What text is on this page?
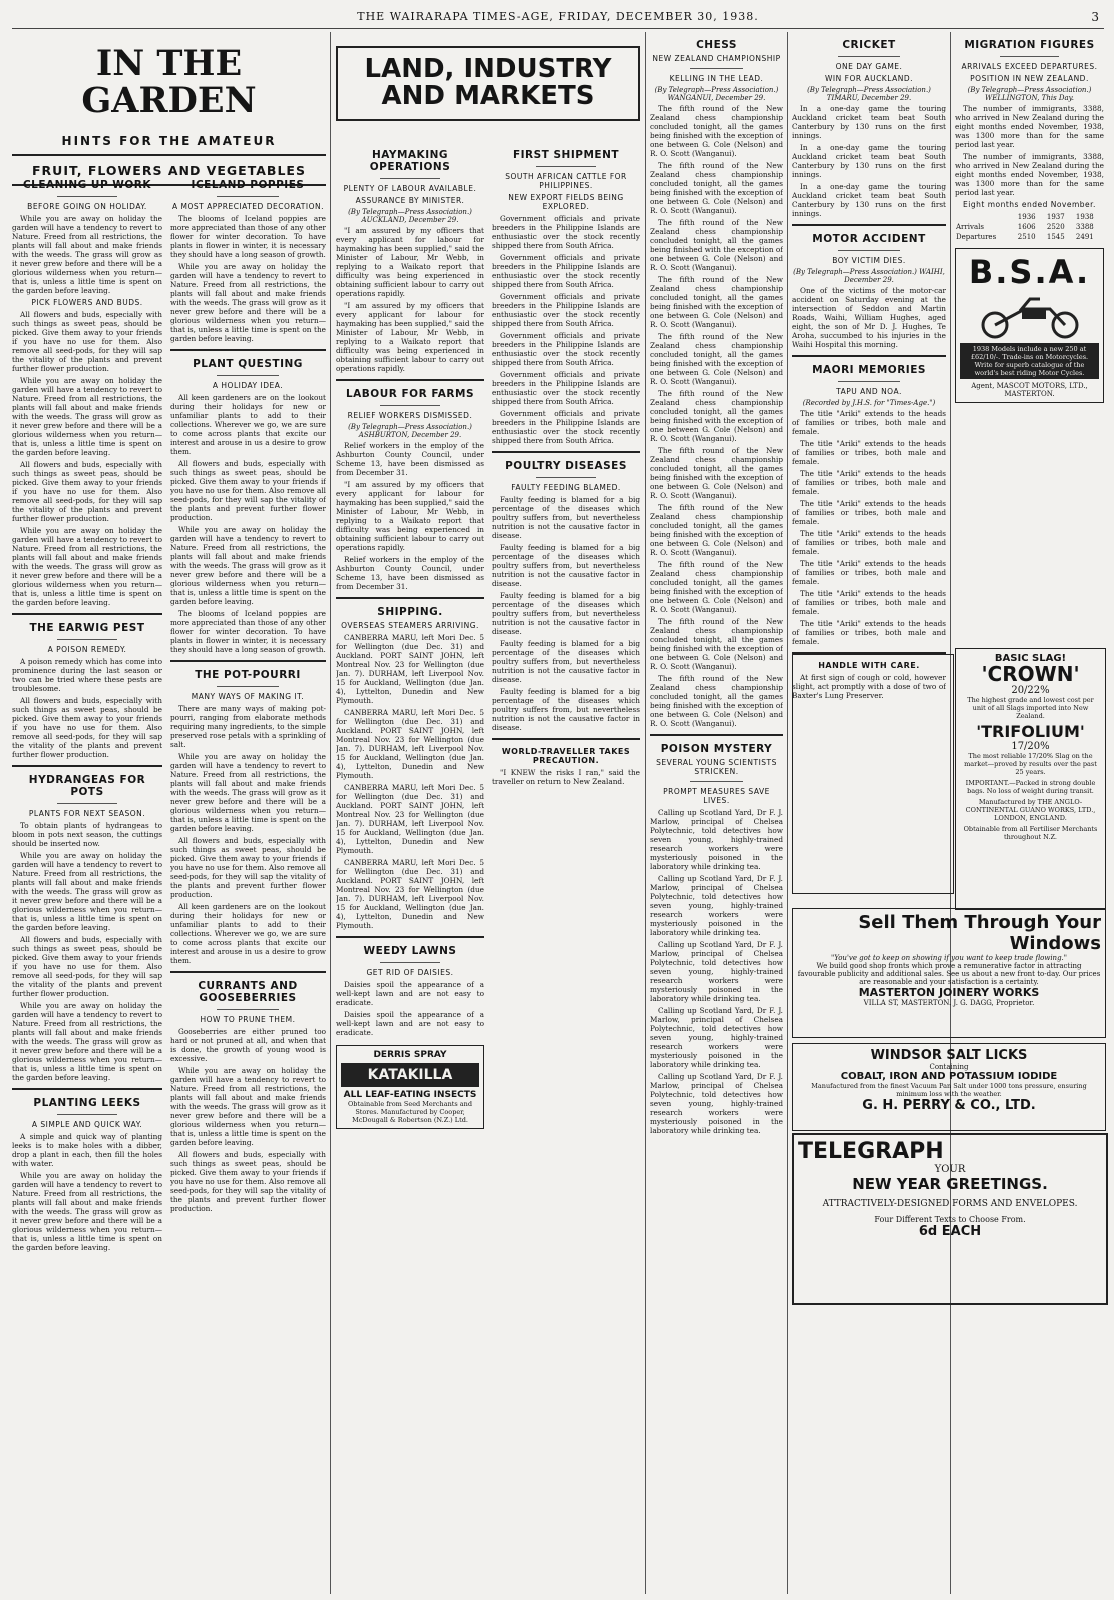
THE WAIRARAPA TIMES-AGE, FRIDAY, DECEMBER 30, 1938.	3
IN THE GARDEN
HINTS FOR THE AMATEUR
FRUIT, FLOWERS AND VEGETABLES
CLEANING UP WORK
BEFORE GOING ON HOLIDAY.

While you are away on holiday the garden will have a tendency to revert to Nature. Freed from all restrictions, the plants will fall about and make friends with the weeds. The grass will grow as it never grew before and there will be a glorious wilderness when you return—that is, unless a little time is spent on the garden before leaving.

PICK FLOWERS AND BUDS.

All flowers and buds, especially with such things as sweet peas, should be picked. Give them away to your friends if you have no use for them. Also remove all seed-pods, for they will sap the vitality of the plants and prevent further flower production.

While you are away on holiday the garden will have a tendency to revert to Nature. Freed from all restrictions, the plants will fall about and make friends with the weeds. The grass will grow as it never grew before and there will be a glorious wilderness when you return—that is, unless a little time is spent on the garden before leaving.

All flowers and buds, especially with such things as sweet peas, should be picked. Give them away to your friends if you have no use for them. Also remove all seed-pods, for they will sap the vitality of the plants and prevent further flower production.

While you are away on holiday the garden will have a tendency to revert to Nature. Freed from all restrictions, the plants will fall about and make friends with the weeds. The grass will grow as it never grew before and there will be a glorious wilderness when you return—that is, unless a little time is spent on the garden before leaving.

THE EARWIG PEST
A POISON REMEDY.

A poison remedy which has come into prominence during the last season or two can be tried where these pests are troublesome.

All flowers and buds, especially with such things as sweet peas, should be picked. Give them away to your friends if you have no use for them. Also remove all seed-pods, for they will sap the vitality of the plants and prevent further flower production.

HYDRANGEAS FOR POTS
PLANTS FOR NEXT SEASON.

To obtain plants of hydrangeas to bloom in pots next season, the cuttings should be inserted now.

While you are away on holiday the garden will have a tendency to revert to Nature. Freed from all restrictions, the plants will fall about and make friends with the weeds. The grass will grow as it never grew before and there will be a glorious wilderness when you return—that is, unless a little time is spent on the garden before leaving.

All flowers and buds, especially with such things as sweet peas, should be picked. Give them away to your friends if you have no use for them. Also remove all seed-pods, for they will sap the vitality of the plants and prevent further flower production.

While you are away on holiday the garden will have a tendency to revert to Nature. Freed from all restrictions, the plants will fall about and make friends with the weeds. The grass will grow as it never grew before and there will be a glorious wilderness when you return—that is, unless a little time is spent on the garden before leaving.

PLANTING LEEKS
A SIMPLE AND QUICK WAY.

A simple and quick way of planting leeks is to make holes with a dibber, drop a plant in each, then fill the holes with water.

While you are away on holiday the garden will have a tendency to revert to Nature. Freed from all restrictions, the plants will fall about and make friends with the weeds. The grass will grow as it never grew before and there will be a glorious wilderness when you return—that is, unless a little time is spent on the garden before leaving.

ICELAND POPPIES
A MOST APPRECIATED DECORATION.

The blooms of Iceland poppies are more appreciated than those of any other flower for winter decoration. To have plants in flower in winter, it is necessary they should have a long season of growth.

While you are away on holiday the garden will have a tendency to revert to Nature. Freed from all restrictions, the plants will fall about and make friends with the weeds. The grass will grow as it never grew before and there will be a glorious wilderness when you return—that is, unless a little time is spent on the garden before leaving.

PLANT QUESTING
A HOLIDAY IDEA.

All keen gardeners are on the lookout during their holidays for new or unfamiliar plants to add to their collections. Wherever we go, we are sure to come across plants that excite our interest and arouse in us a desire to grow them.

All flowers and buds, especially with such things as sweet peas, should be picked. Give them away to your friends if you have no use for them. Also remove all seed-pods, for they will sap the vitality of the plants and prevent further flower production.

While you are away on holiday the garden will have a tendency to revert to Nature. Freed from all restrictions, the plants will fall about and make friends with the weeds. The grass will grow as it never grew before and there will be a glorious wilderness when you return—that is, unless a little time is spent on the garden before leaving.

The blooms of Iceland poppies are more appreciated than those of any other flower for winter decoration. To have plants in flower in winter, it is necessary they should have a long season of growth.

THE POT-POURRI
MANY WAYS OF MAKING IT.

There are many ways of making pot-pourri, ranging from elaborate methods requiring many ingredients, to the simple preserved rose petals with a sprinkling of salt.

While you are away on holiday the garden will have a tendency to revert to Nature. Freed from all restrictions, the plants will fall about and make friends with the weeds. The grass will grow as it never grew before and there will be a glorious wilderness when you return—that is, unless a little time is spent on the garden before leaving.

All flowers and buds, especially with such things as sweet peas, should be picked. Give them away to your friends if you have no use for them. Also remove all seed-pods, for they will sap the vitality of the plants and prevent further flower production.

All keen gardeners are on the lookout during their holidays for new or unfamiliar plants to add to their collections. Wherever we go, we are sure to come across plants that excite our interest and arouse in us a desire to grow them.

CURRANTS AND GOOSEBERRIES
HOW TO PRUNE THEM.

Gooseberries are either pruned too hard or not pruned at all, and when that is done, the growth of young wood is excessive.

While you are away on holiday the garden will have a tendency to revert to Nature. Freed from all restrictions, the plants will fall about and make friends with the weeds. The grass will grow as it never grew before and there will be a glorious wilderness when you return—that is, unless a little time is spent on the garden before leaving.

All flowers and buds, especially with such things as sweet peas, should be picked. Give them away to your friends if you have no use for them. Also remove all seed-pods, for they will sap the vitality of the plants and prevent further flower production.

LAND, INDUSTRY AND MARKETS
HAYMAKING OPERATIONS
PLENTY OF LABOUR AVAILABLE.
ASSURANCE BY MINISTER.
(By Telegraph—Press Association.) AUCKLAND, December 29.

"I am assured by my officers that every applicant for labour for haymaking has been supplied," said the Minister of Labour, Mr Webb, in replying to a Waikato report that difficulty was being experienced in obtaining sufficient labour to carry out operations rapidly.

"I am assured by my officers that every applicant for labour for haymaking has been supplied," said the Minister of Labour, Mr Webb, in replying to a Waikato report that difficulty was being experienced in obtaining sufficient labour to carry out operations rapidly.

LABOUR FOR FARMS
RELIEF WORKERS DISMISSED.
(By Telegraph—Press Association.) ASHBURTON, December 29.

Relief workers in the employ of the Ashburton County Council, under Scheme 13, have been dismissed as from December 31.

"I am assured by my officers that every applicant for labour for haymaking has been supplied," said the Minister of Labour, Mr Webb, in replying to a Waikato report that difficulty was being experienced in obtaining sufficient labour to carry out operations rapidly.

Relief workers in the employ of the Ashburton County Council, under Scheme 13, have been dismissed as from December 31.

SHIPPING.
OVERSEAS STEAMERS ARRIVING.

CANBERRA MARU, left Mori Dec. 5 for Wellington (due Dec. 31) and Auckland. PORT SAINT JOHN, left Montreal Nov. 23 for Wellington (due Jan. 7). DURHAM, left Liverpool Nov. 15 for Auckland, Wellington (due Jan. 4), Lyttelton, Dunedin and New Plymouth.

CANBERRA MARU, left Mori Dec. 5 for Wellington (due Dec. 31) and Auckland. PORT SAINT JOHN, left Montreal Nov. 23 for Wellington (due Jan. 7). DURHAM, left Liverpool Nov. 15 for Auckland, Wellington (due Jan. 4), Lyttelton, Dunedin and New Plymouth.

CANBERRA MARU, left Mori Dec. 5 for Wellington (due Dec. 31) and Auckland. PORT SAINT JOHN, left Montreal Nov. 23 for Wellington (due Jan. 7). DURHAM, left Liverpool Nov. 15 for Auckland, Wellington (due Jan. 4), Lyttelton, Dunedin and New Plymouth.

CANBERRA MARU, left Mori Dec. 5 for Wellington (due Dec. 31) and Auckland. PORT SAINT JOHN, left Montreal Nov. 23 for Wellington (due Jan. 7). DURHAM, left Liverpool Nov. 15 for Auckland, Wellington (due Jan. 4), Lyttelton, Dunedin and New Plymouth.

WEEDY LAWNS
GET RID OF DAISIES.

Daisies spoil the appearance of a well-kept lawn and are not easy to eradicate.

Daisies spoil the appearance of a well-kept lawn and are not easy to eradicate.

DERRIS SPRAY
KATAKILLA
ALL LEAF-EATING INSECTS
Obtainable from Seed Merchants and Stores. Manufactured by Cooper, McDougall & Robertson (N.Z.) Ltd.
FIRST SHIPMENT
SOUTH AFRICAN CATTLE FOR PHILIPPINES.
NEW EXPORT FIELDS BEING EXPLORED.

Government officials and private breeders in the Philippine Islands are enthusiastic over the stock recently shipped there from South Africa.

Government officials and private breeders in the Philippine Islands are enthusiastic over the stock recently shipped there from South Africa.

Government officials and private breeders in the Philippine Islands are enthusiastic over the stock recently shipped there from South Africa.

Government officials and private breeders in the Philippine Islands are enthusiastic over the stock recently shipped there from South Africa.

Government officials and private breeders in the Philippine Islands are enthusiastic over the stock recently shipped there from South Africa.

Government officials and private breeders in the Philippine Islands are enthusiastic over the stock recently shipped there from South Africa.

POULTRY DISEASES
FAULTY FEEDING BLAMED.

Faulty feeding is blamed for a big percentage of the diseases which poultry suffers from, but nevertheless nutrition is not the causative factor in disease.

Faulty feeding is blamed for a big percentage of the diseases which poultry suffers from, but nevertheless nutrition is not the causative factor in disease.

Faulty feeding is blamed for a big percentage of the diseases which poultry suffers from, but nevertheless nutrition is not the causative factor in disease.

Faulty feeding is blamed for a big percentage of the diseases which poultry suffers from, but nevertheless nutrition is not the causative factor in disease.

Faulty feeding is blamed for a big percentage of the diseases which poultry suffers from, but nevertheless nutrition is not the causative factor in disease.

WORLD-TRAVELLER TAKES PRECAUTION.

"I KNEW the risks I ran," said the traveller on return to New Zealand.

CHESS
NEW ZEALAND CHAMPIONSHIP
KELLING IN THE LEAD.
(By Telegraph—Press Association.) WANGANUI, December 29.

The fifth round of the New Zealand chess championship concluded tonight, all the games being finished with the exception of one between G. Cole (Nelson) and R. O. Scott (Wanganui).

The fifth round of the New Zealand chess championship concluded tonight, all the games being finished with the exception of one between G. Cole (Nelson) and R. O. Scott (Wanganui).

The fifth round of the New Zealand chess championship concluded tonight, all the games being finished with the exception of one between G. Cole (Nelson) and R. O. Scott (Wanganui).

The fifth round of the New Zealand chess championship concluded tonight, all the games being finished with the exception of one between G. Cole (Nelson) and R. O. Scott (Wanganui).

The fifth round of the New Zealand chess championship concluded tonight, all the games being finished with the exception of one between G. Cole (Nelson) and R. O. Scott (Wanganui).

The fifth round of the New Zealand chess championship concluded tonight, all the games being finished with the exception of one between G. Cole (Nelson) and R. O. Scott (Wanganui).

The fifth round of the New Zealand chess championship concluded tonight, all the games being finished with the exception of one between G. Cole (Nelson) and R. O. Scott (Wanganui).

The fifth round of the New Zealand chess championship concluded tonight, all the games being finished with the exception of one between G. Cole (Nelson) and R. O. Scott (Wanganui).

The fifth round of the New Zealand chess championship concluded tonight, all the games being finished with the exception of one between G. Cole (Nelson) and R. O. Scott (Wanganui).

The fifth round of the New Zealand chess championship concluded tonight, all the games being finished with the exception of one between G. Cole (Nelson) and R. O. Scott (Wanganui).

The fifth round of the New Zealand chess championship concluded tonight, all the games being finished with the exception of one between G. Cole (Nelson) and R. O. Scott (Wanganui).

POISON MYSTERY
SEVERAL YOUNG SCIENTISTS STRICKEN.
PROMPT MEASURES SAVE LIVES.

Calling up Scotland Yard, Dr F. J. Marlow, principal of Chelsea Polytechnic, told detectives how seven young, highly-trained research workers were mysteriously poisoned in the laboratory while drinking tea.

Calling up Scotland Yard, Dr F. J. Marlow, principal of Chelsea Polytechnic, told detectives how seven young, highly-trained research workers were mysteriously poisoned in the laboratory while drinking tea.

Calling up Scotland Yard, Dr F. J. Marlow, principal of Chelsea Polytechnic, told detectives how seven young, highly-trained research workers were mysteriously poisoned in the laboratory while drinking tea.

Calling up Scotland Yard, Dr F. J. Marlow, principal of Chelsea Polytechnic, told detectives how seven young, highly-trained research workers were mysteriously poisoned in the laboratory while drinking tea.

Calling up Scotland Yard, Dr F. J. Marlow, principal of Chelsea Polytechnic, told detectives how seven young, highly-trained research workers were mysteriously poisoned in the laboratory while drinking tea.

CRICKET
ONE DAY GAME.
WIN FOR AUCKLAND.
(By Telegraph—Press Association.) TIMARU, December 29.

In a one-day game the touring Auckland cricket team beat South Canterbury by 130 runs on the first innings.

In a one-day game the touring Auckland cricket team beat South Canterbury by 130 runs on the first innings.

In a one-day game the touring Auckland cricket team beat South Canterbury by 130 runs on the first innings.

MOTOR ACCIDENT
BOY VICTIM DIES.
(By Telegraph—Press Association.) WAIHI, December 29.

One of the victims of the motor-car accident on Saturday evening at the intersection of Seddon and Martin Roads, Waihi, William Hughes, aged eight, the son of Mr D. J. Hughes, Te Aroha, succumbed to his injuries in the Waihi Hospital this morning.

MAORI MEMORIES
TAPU AND NOA.
(Recorded by J.H.S. for "Times-Age.")

The title "Ariki" extends to the heads of families or tribes, both male and female.

The title "Ariki" extends to the heads of families or tribes, both male and female.

The title "Ariki" extends to the heads of families or tribes, both male and female.

The title "Ariki" extends to the heads of families or tribes, both male and female.

The title "Ariki" extends to the heads of families or tribes, both male and female.

The title "Ariki" extends to the heads of families or tribes, both male and female.

The title "Ariki" extends to the heads of families or tribes, both male and female.

The title "Ariki" extends to the heads of families or tribes, both male and female.

HANDLE WITH CARE.

At first sign of cough or cold, however slight, act promptly with a dose of two of Baxter's Lung Preserver.

MIGRATION FIGURES
ARRIVALS EXCEED DEPARTURES.
POSITION IN NEW ZEALAND.
(By Telegraph—Press Association.) WELLINGTON, This Day.

The number of immigrants, 3388, who arrived in New Zealand during the eight months ended November, 1938, was 1300 more than for the same period last year.

The number of immigrants, 3388, who arrived in New Zealand during the eight months ended November, 1938, was 1300 more than for the same period last year.

Eight months ended November.
	1936	1937	1938
Arrivals	1606	2520	3388
Departures	2510	1545	2491
B.S.A.
1938 Models include a new 250 at £62/10/-. Trade-ins on Motorcycles. Write for superb catalogue of the world's best riding Motor Cycles.
Agent, MASCOT MOTORS, LTD., MASTERTON.
BASIC SLAG!
'CROWN'
20/22%
The highest grade and lowest cost per unit of all Slags imported into New Zealand.
'TRIFOLIUM'
17/20%
The most reliable 17/20% Slag on the market—proved by results over the past 25 years.
IMPORTANT.—Packed in strong double bags. No loss of weight during transit.
Manufactured by THE ANGLO-CONTINENTAL GUANO WORKS, LTD., LONDON, ENGLAND.
Obtainable from all Fertiliser Merchants throughout N.Z.
Sell Them Through Your Windows
"You've got to keep on showing if you want to keep trade flowing."
We build good shop fronts which prove a remunerative factor in attracting favourable publicity and additional sales. See us about a new front to-day. Our prices are reasonable and your satisfaction is a certainty.
MASTERTON JOINERY WORKS
VILLA ST, MASTERTON. J. G. DAGG, Proprietor.
WINDSOR SALT LICKS
Containing
COBALT, IRON AND POTASSIUM IODIDE
Manufactured from the finest Vacuum Pan Salt under 1000 tons pressure, ensuring minimum loss with the weather.
G. H. PERRY & CO., LTD.
TELEGRAPH
YOUR
NEW YEAR GREETINGS.
ATTRACTIVELY-DESIGNED FORMS AND ENVELOPES.
Four Different Texts to Choose From.
6d EACH
